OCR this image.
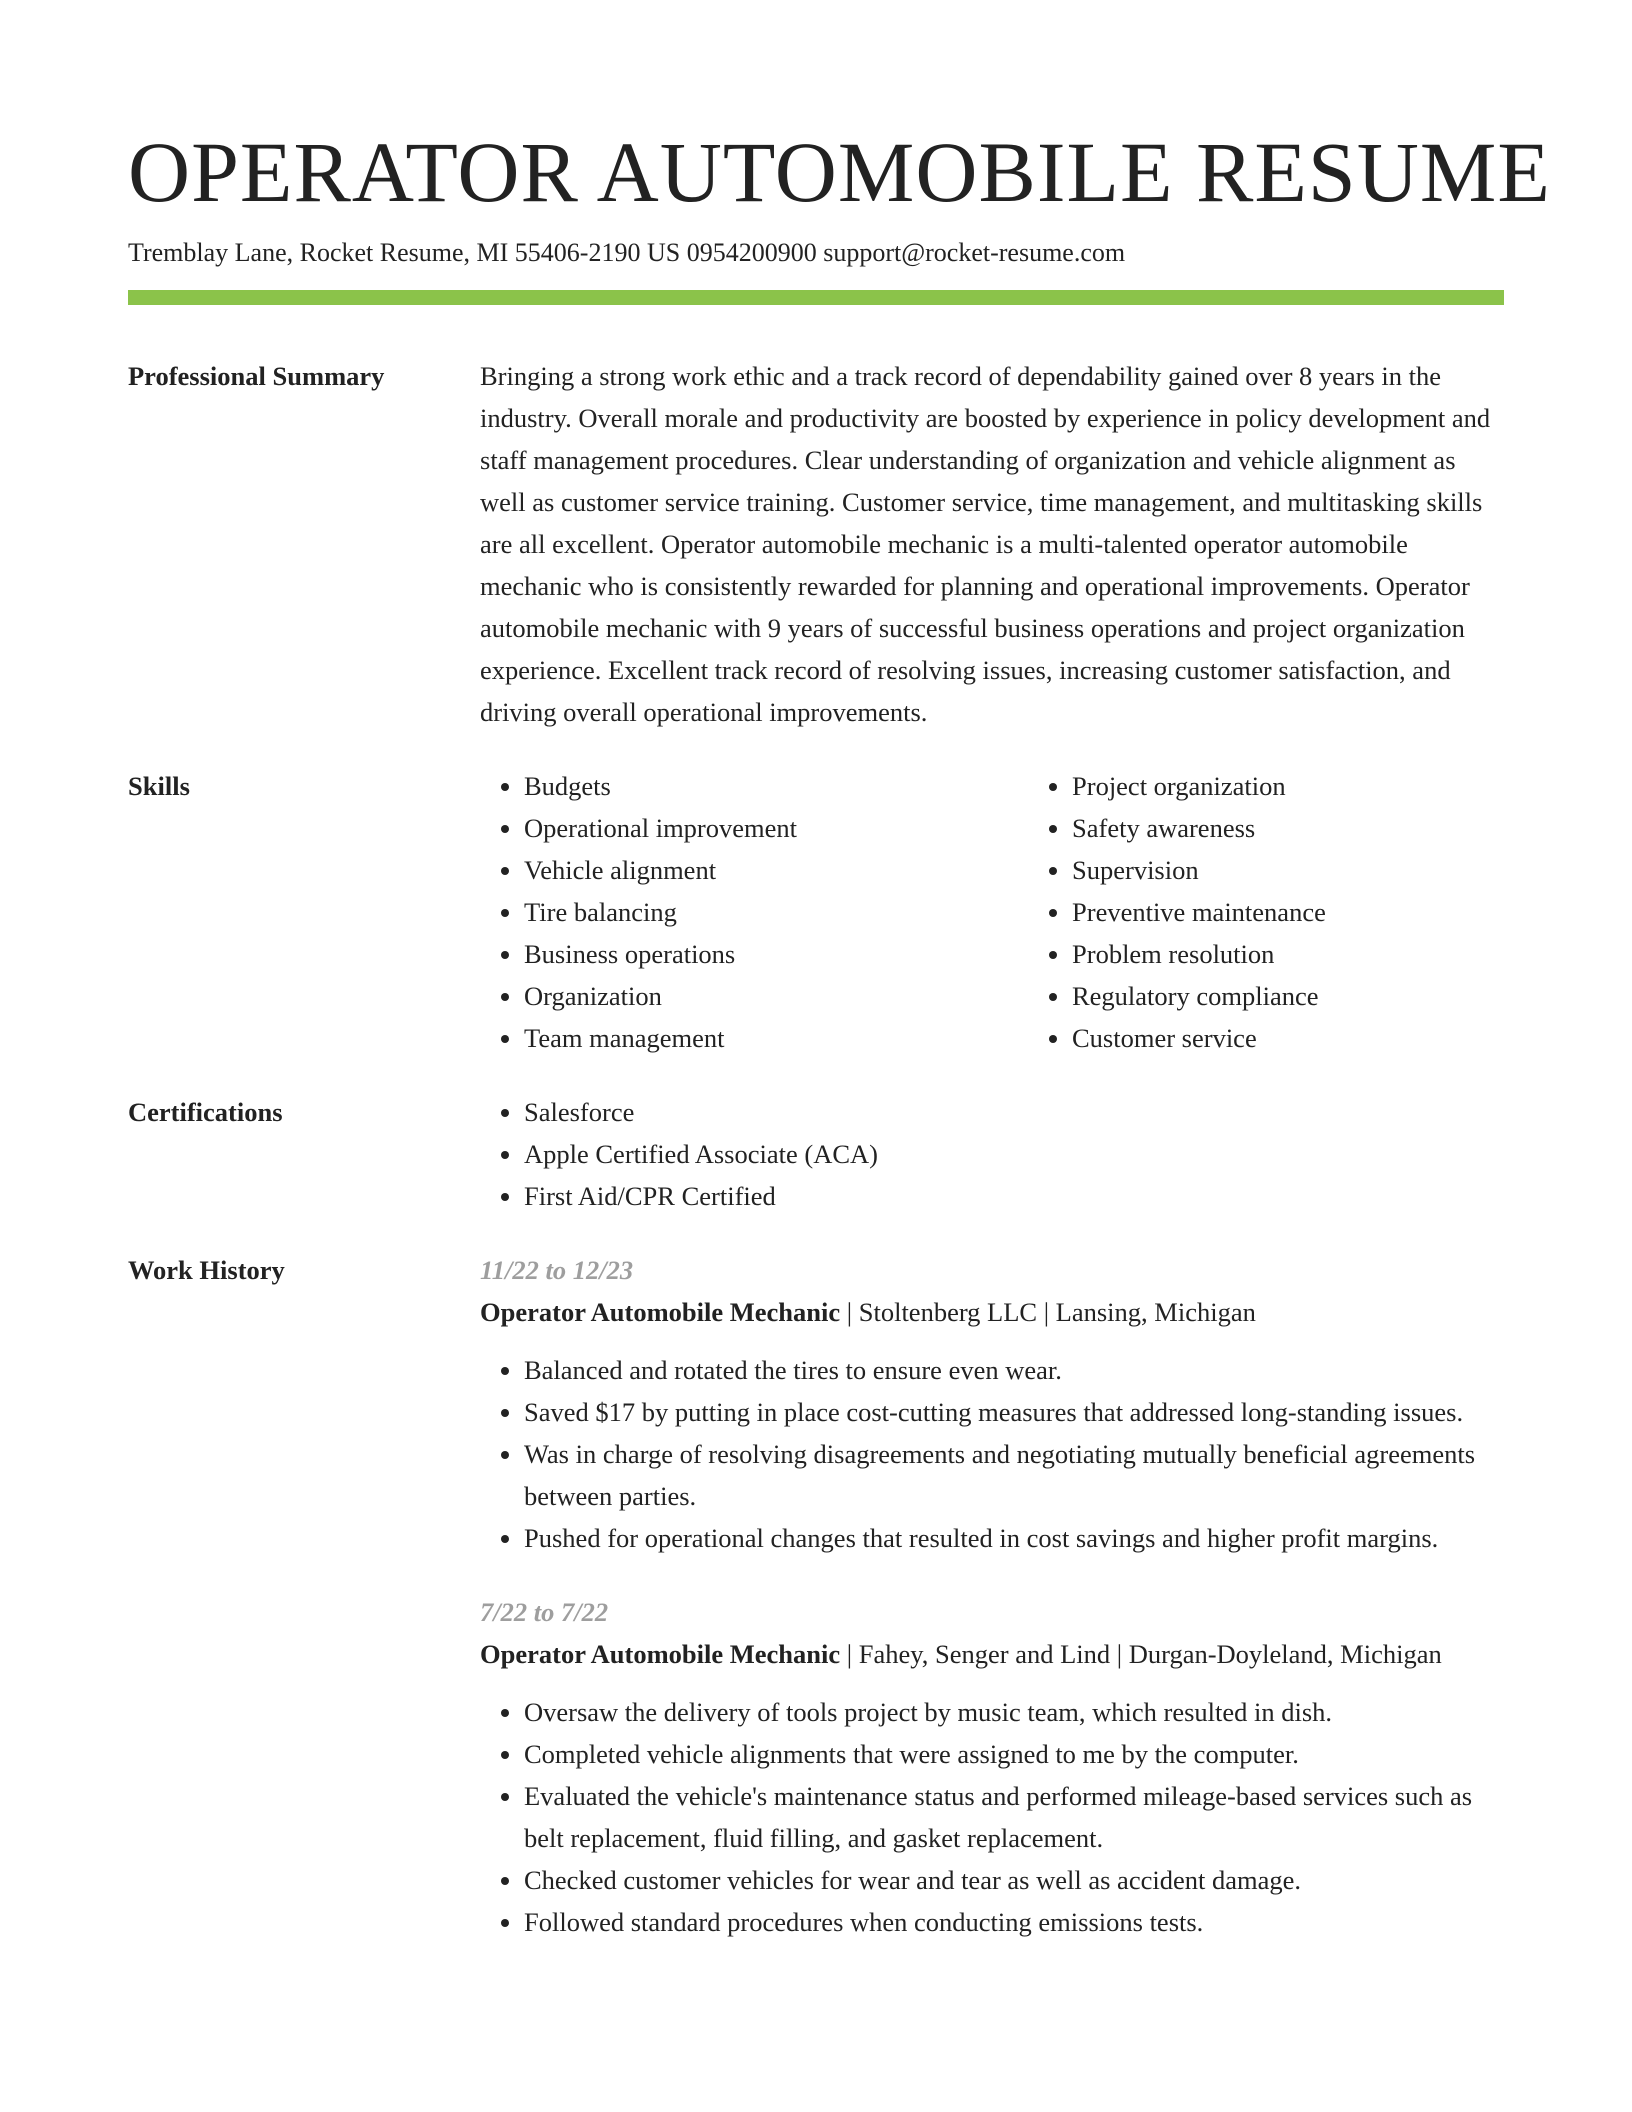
OPERATOR AUTOMOBILE RESUME
Tremblay Lane, Rocket Resume, MI 55406-2190 US 0954200900 support@rocket-resume.com
Professional Summary	Bringing a strong work ethic and a track record of dependability gained over 8 years in the industry. Overall morale and productivity are boosted by experience in policy development and staff management procedures. Clear understanding of organization and vehicle alignment as well as customer service training. Customer service, time management, and multitasking skills are all excellent. Operator automobile mechanic is a multi-talented operator automobile mechanic who is consistently rewarded for planning and operational improvements. Operator automobile mechanic with 9 years of successful business operations and project organization experience. Excellent track record of resolving issues, increasing customer satisfaction, and driving overall operational improvements.

Skills	• Budgets
• Operational improvement
• Vehicle alignment
• Tire balancing
• Business operations
• Organization
• Team management
• Project organization
• Safety awareness
• Supervision
• Preventive maintenance
• Problem resolution
• Regulatory compliance
• Customer service
Certifications	• Salesforce
• Apple Certified Associate (ACA)
• First Aid/CPR Certified
Work History	11/22 to 12/23
Operator Automobile Mechanic | Stoltenberg LLC | Lansing, Michigan
• Balanced and rotated the tires to ensure even wear.
• Saved $17 by putting in place cost-cutting measures that addressed long-standing issues.
• Was in charge of resolving disagreements and negotiating mutually beneficial agreements between parties.
• Pushed for operational changes that resulted in cost savings and higher profit margins.
7/22 to 7/22
Operator Automobile Mechanic | Fahey, Senger and Lind | Durgan-Doyleland, Michigan
• Oversaw the delivery of tools project by music team, which resulted in dish.
• Completed vehicle alignments that were assigned to me by the computer.
• Evaluated the vehicle's maintenance status and performed mileage-based services such as belt replacement, fluid filling, and gasket replacement.
• Checked customer vehicles for wear and tear as well as accident damage.
• Followed standard procedures when conducting emissions tests.
